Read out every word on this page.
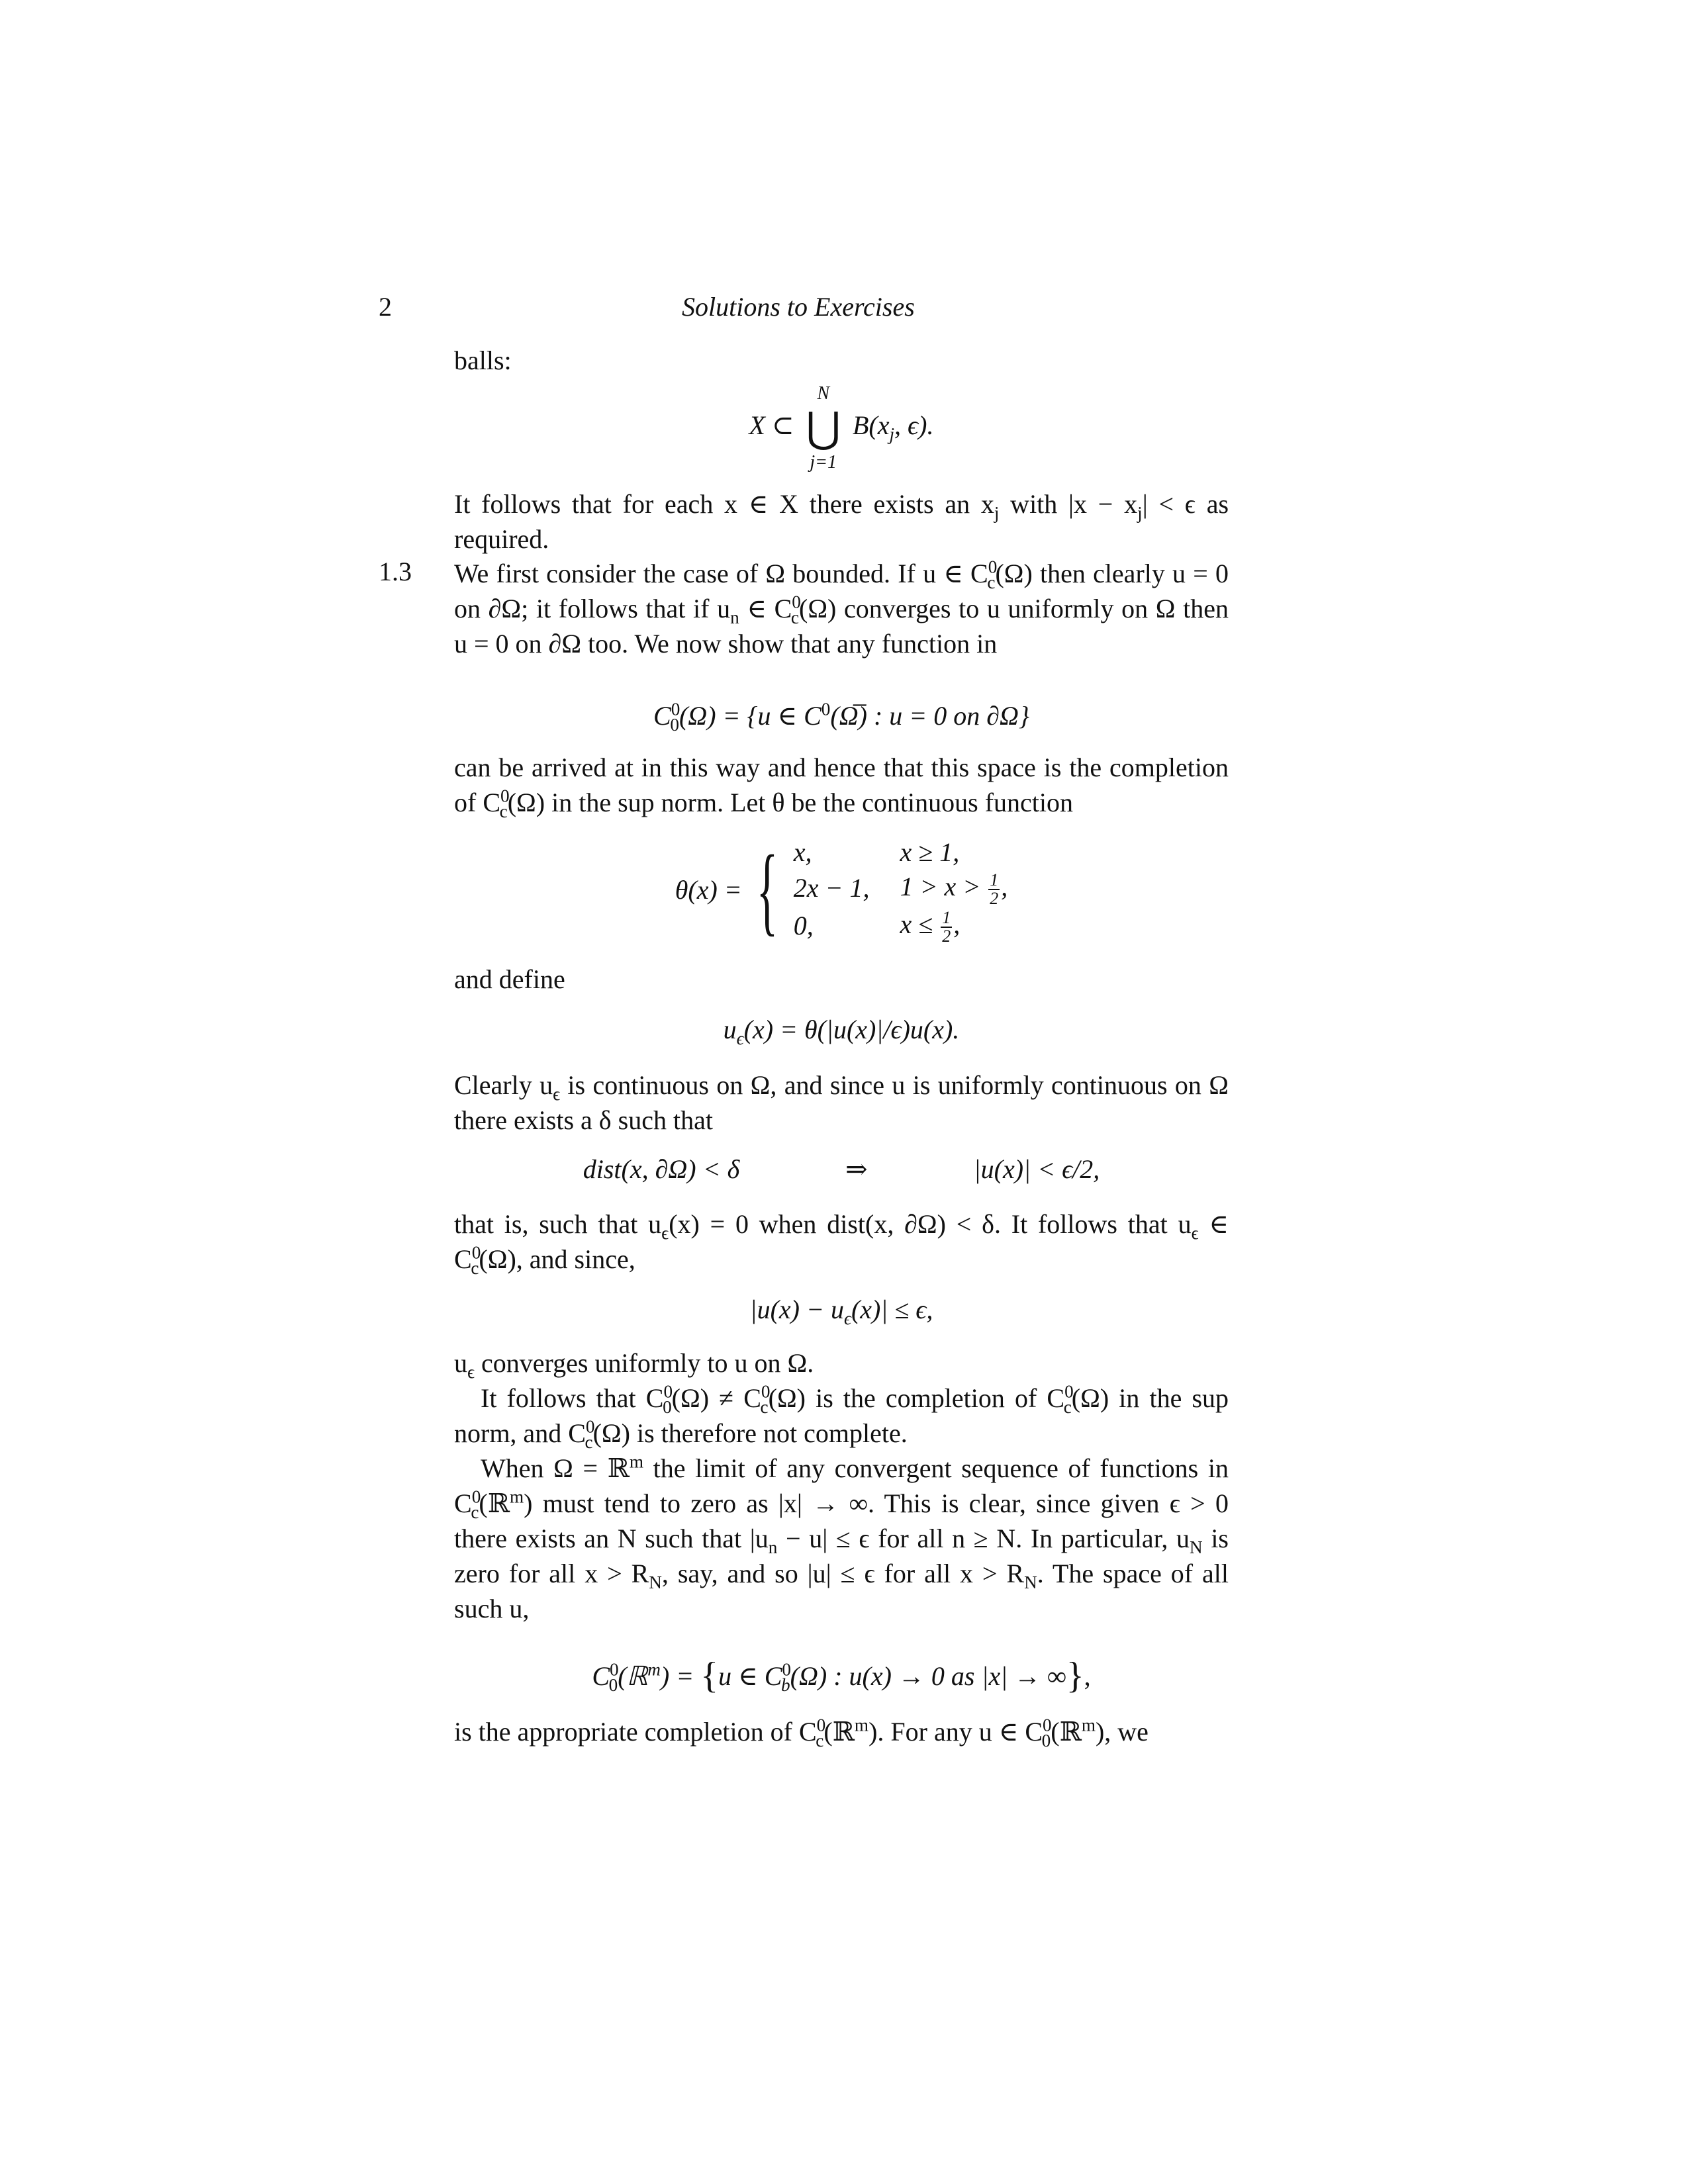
2	Solutions to Exercises
balls:
X ⊂
N
⋃
j=1
$B(x_j$, ϵ).

It follows that for each x ∈ X there exists an $x_j$ with $|x - x_j| < \epsilon$ as required.

1.3 We first consider the case of Ω bounded. If u ∈ $C^0_c(\Omega)$ then clearly u = 0 on ∂Ω; it follows that if $u_n$ ∈ $C^0_c(\Omega)$ converges to u uniformly on Ω then u = 0 on ∂Ω too. We now show that any function in

$C^0_0(\Omega) = \{u$ ∈ $C^0(\Omega̅)$ : u = 0 on ∂Ω}

can be arrived at in this way and hence that this space is the completion of $C^0_c(\Omega)$ in the sup norm. Let θ be the continuous function

θ(x) = { x,	x ≥ 1,
2x − 1,	$1 > x > \frac{1}{2}$ ,
0,	$x \le \frac{1}{2}$ ,

and define

$u_\epsilon(x) = \theta(|u(x)|/\epsilon)u(x)$.

Clearly $u_\epsilon$ is continuous on Ω, and since u is uniformly continuous on Ω there exists a δ such that

dist(x, ∂Ω) < δ	⇒	|u(x)| < ϵ/2,

that is, such that $u_\epsilon(x) = 0$ when dist(x, ∂Ω) < δ. It follows that $u_\epsilon$ ∈ $C^0_c(\Omega)$, and since,

$|u(x) - u_\epsilon(x)| \le \epsilon$,

$u_\epsilon$ converges uniformly to u on Ω.

It follows that $C^0_0(\Omega) \ne C^0_c(\Omega)$ is the completion of $C^0_c(\Omega)$ in the sup norm, and $C^0_c(\Omega)$ is therefore not complete.

When Ω = ℝ$^m$ the limit of any convergent sequence of functions in $C^0_c(ℝ^m)$ must tend to zero as |x| → ∞. This is clear, since given ϵ > 0 there exists an N such that $|u_n - u| \le \epsilon$ for all n ≥ N. In particular, $u_N$ is zero for all $x > R_N$, say, and so |u| ≤ ϵ for all $x > R_N$. The space of all such u,

$C^0_0(ℝ^m) = \{u$ ∈ $C^0_b(\Omega)$ : u(x) → 0 as |x| → ∞},

is the appropriate completion of $C^0_c(ℝ^m)$. For any u ∈ $C^0_0(ℝ^m)$, we
